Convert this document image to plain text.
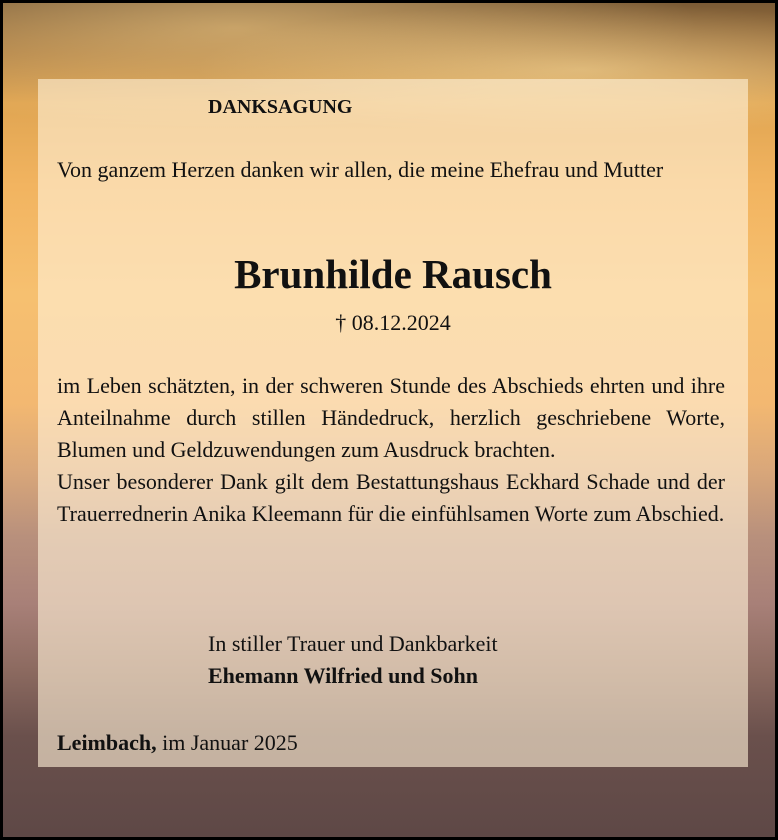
DANKSAGUNG
Von ganzem Herzen danken wir allen, die meine Ehefrau und Mutter
Brunhilde Rausch
† 08.12.2024

im Leben schätzten, in der schweren Stunde des Abschieds ehrten und ihre Anteilnahme durch stillen Händedruck, herzlich geschriebene Worte, Blumen und Geldzuwendungen zum Ausdruck brachten.

Unser besonderer Dank gilt dem Bestattungshaus Eckhard Schade und der Trauerrednerin Anika Kleemann für die einfühlsamen Worte zum Abschied.

In stiller Trauer und Dankbarkeit
Ehemann Wilfried und Sohn
Leimbach, im Januar 2025
